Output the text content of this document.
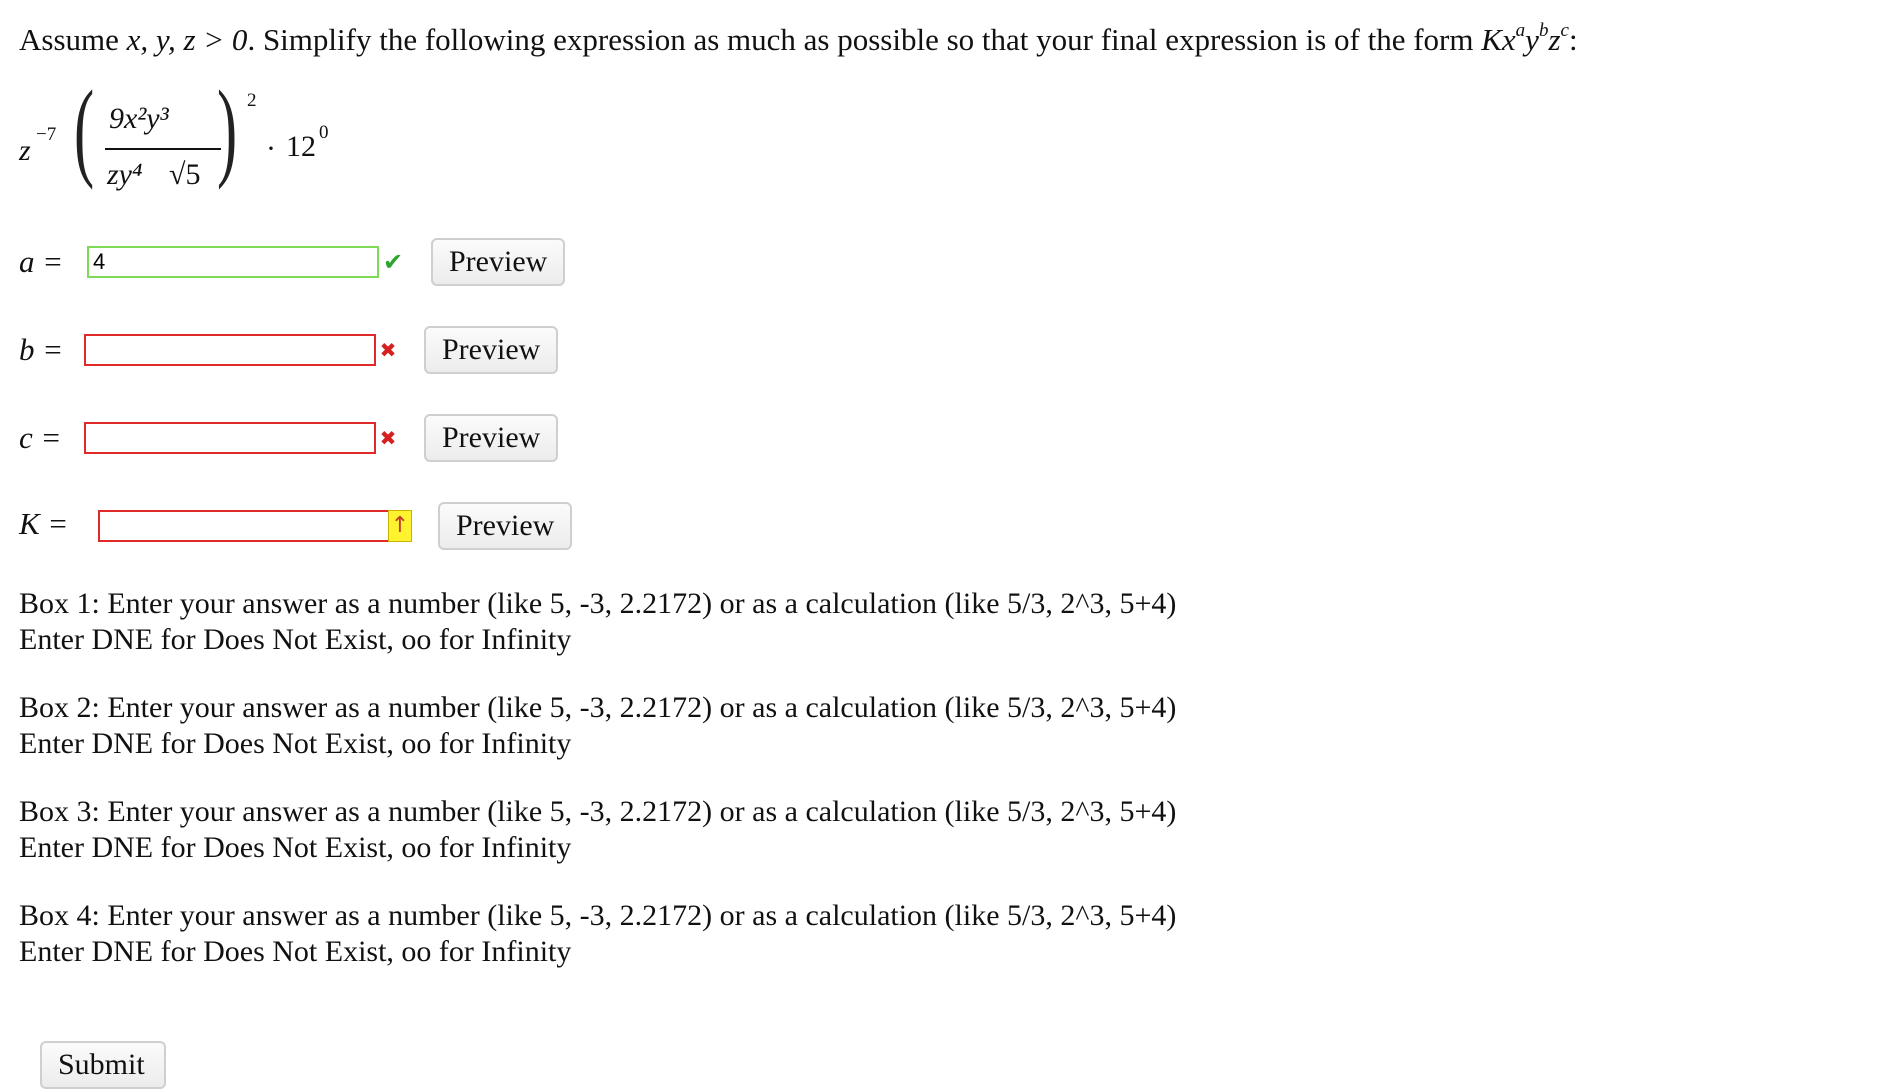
Assume x, y, z > 0. Simplify the following expression as much as possible so that your final expression is of the form $Kx^ay^bz^c$:
z −7 ( 9x²y³
zy⁴ √5 ) 2
· 12 0
a = 4	✔	Preview
b =	✖	Preview
c =	✖	Preview
K =	↑	Preview
Box 1: Enter your answer as a number (like 5, -3, 2.2172) or as a calculation (like 5/3, 2^3, 5+4)
Enter DNE for Does Not Exist, oo for Infinity
Box 2: Enter your answer as a number (like 5, -3, 2.2172) or as a calculation (like 5/3, 2^3, 5+4)
Enter DNE for Does Not Exist, oo for Infinity
Box 3: Enter your answer as a number (like 5, -3, 2.2172) or as a calculation (like 5/3, 2^3, 5+4)
Enter DNE for Does Not Exist, oo for Infinity
Box 4: Enter your answer as a number (like 5, -3, 2.2172) or as a calculation (like 5/3, 2^3, 5+4)
Enter DNE for Does Not Exist, oo for Infinity
Submit
